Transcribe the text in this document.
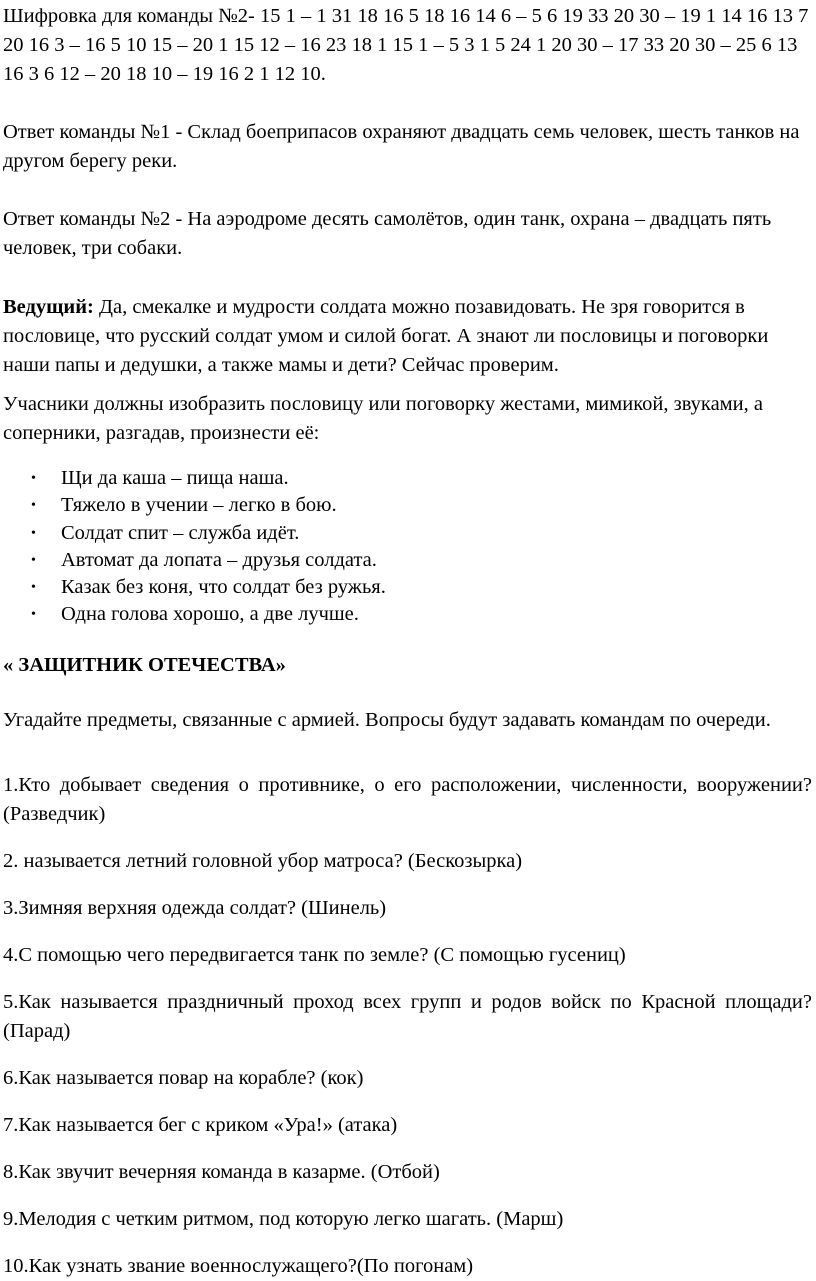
Шифровка для команды №2- 15 1 – 1 31 18 16 5 18 16 14 6 – 5 6 19 33 20 30 – 19 1 14 16 13 7 20 16 3 – 16 5 10 15 – 20 1 15 12 – 16 23 18 1 15 1 – 5 3 1 5 24 1 20 30 – 17 33 20 30 – 25 6 13 16 3 6 12 – 20 18 10 – 19 16 2 1 12 10.

Ответ команды №1 - Склад боеприпасов охраняют двадцать семь человек, шесть танков на другом берегу реки.

Ответ команды №2 - На аэродроме десять самолётов, один танк, охрана – двадцать пять человек, три собаки.

Ведущий: Да, смекалке и мудрости солдата можно позавидовать. Не зря говорится в пословице, что русский солдат умом и силой богат. А знают ли пословицы и поговорки наши папы и дедушки, а также мамы и дети? Сейчас проверим.

Учасники должны изобразить пословицу или поговорку жестами, мимикой, звуками, а соперники, разгадав, произнести её:

• Щи да каша – пища наша.
• Тяжело в учении – легко в бою.
• Солдат спит – служба идёт.
• Автомат да лопата – друзья солдата.
• Казак без коня, что солдат без ружья.
• Одна голова хорошо, а две лучше.

« ЗАЩИТНИК ОТЕЧЕСТВА»

Угадайте предметы, связанные с армией. Вопросы будут задавать командам по очереди.

1.Кто добывает сведения о противнике, о его расположении, численности, вооружении? (Разведчик)

2. называется летний головной убор матроса? (Бескозырка)

3.Зимняя верхняя одежда солдат? (Шинель)

4.С помощью чего передвигается танк по земле? (С помощью гусениц)

5.Как называется праздничный проход всех групп и родов войск по Красной площади? (Парад)

6.Как называется повар на корабле? (кок)

7.Как называется бег с криком «Ура!» (атака)

8.Как звучит вечерняя команда в казарме. (Отбой)

9.Мелодия с четким ритмом, под которую легко шагать. (Марш)

10.Как узнать звание военнослужащего?(По погонам)
